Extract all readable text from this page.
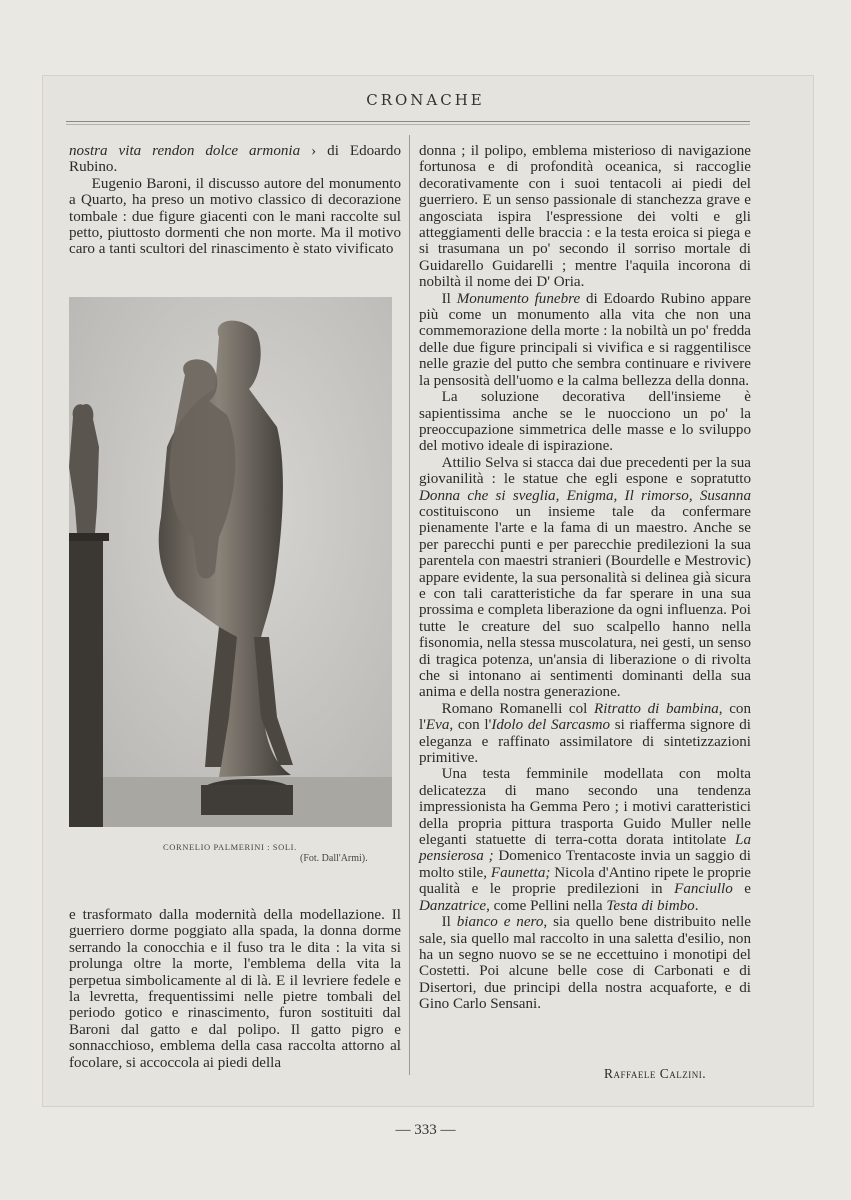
CRONACHE

nostra vita rendon dolce armonia › di Edoardo Rubino.

Eugenio Baroni, il discusso autore del monumento a Quarto, ha preso un motivo classico di decorazione tombale : due figure giacenti con le mani raccolte sul petto, piuttosto dormenti che non morte. Ma il motivo caro a tanti scultori del rinascimento è stato vivificato

CORNELIO PALMERINI : SOLI.
(Fot. Dall'Armi).

e trasformato dalla modernità della modellazione. Il guerriero dorme poggiato alla spada, la donna dorme serrando la conocchia e il fuso tra le dita : la vita si prolunga oltre la morte, l'emblema della vita la perpetua simbolicamente al di là. E il levriere fedele e la levretta, frequentissimi nelle pietre tombali del periodo gotico e rinascimento, furon sostituiti dal Baroni dal gatto e dal polipo. Il gatto pigro e sonnacchioso, emblema della casa raccolta attorno al focolare, si accoccola ai piedi della

donna ; il polipo, emblema misterioso di navigazione fortunosa e di profondità oceanica, si raccoglie decorativamente con i suoi tentacoli ai piedi del guerriero. E un senso passionale di stanchezza grave e angosciata ispira l'espressione dei volti e gli atteggiamenti delle braccia : e la testa eroica si piega e si trasumana un po' secondo il sorriso mortale di Guidarello Guidarelli ; mentre l'aquila incorona di nobiltà il nome dei D' Oria.

Il Monumento funebre di Edoardo Rubino appare più come un monumento alla vita che non una commemorazione della morte : la nobiltà un po' fredda delle due figure principali si vivifica e si raggentilisce nelle grazie del putto che sembra continuare e rivivere la pensosità dell'uomo e la calma bellezza della donna.

La soluzione decorativa dell'insieme è sapientissima anche se le nuocciono un po' la preoccupazione simmetrica delle masse e lo sviluppo del motivo ideale di ispirazione.

Attilio Selva si stacca dai due precedenti per la sua giovanilità : le statue che egli espone e sopratutto Donna che si sveglia, Enigma, Il rimorso, Susanna costituiscono un insieme tale da confermare pienamente l'arte e la fama di un maestro. Anche se per parecchi punti e per parecchie predilezioni la sua parentela con maestri stranieri (Bourdelle e Mestrovic) appare evidente, la sua personalità si delinea già sicura e con tali caratteristiche da far sperare in una sua prossima e completa liberazione da ogni influenza. Poi tutte le creature del suo scalpello hanno nella fisonomia, nella stessa muscolatura, nei gesti, un senso di tragica potenza, un'ansia di liberazione o di rivolta che si intonano ai sentimenti dominanti della sua anima e della nostra generazione.

Romano Romanelli col Ritratto di bambina, con l'Eva, con l'Idolo del Sarcasmo si riafferma signore di eleganza e raffinato assimilatore di sintetizzazioni primitive.

Una testa femminile modellata con molta delicatezza di mano secondo una tendenza impressionista ha Gemma Pero ; i motivi caratteristici della propria pittura trasporta Guido Muller nelle eleganti statuette di terra-cotta dorata intitolate La pensierosa ; Domenico Trentacoste invia un saggio di molto stile, Faunetta; Nicola d'Antino ripete le proprie qualità e le proprie predilezioni in Fanciullo e Danzatrice, come Pellini nella Testa di bimbo.

Il bianco e nero, sia quello bene distribuito nelle sale, sia quello mal raccolto in una saletta d'esilio, non ha un segno nuovo se se ne eccettuino i monotipi del Costetti. Poi alcune belle cose di Carbonati e di Disertori, due principi della nostra acquaforte, e di Gino Carlo Sensani.

Raffaele Calzini.
— 333 —
